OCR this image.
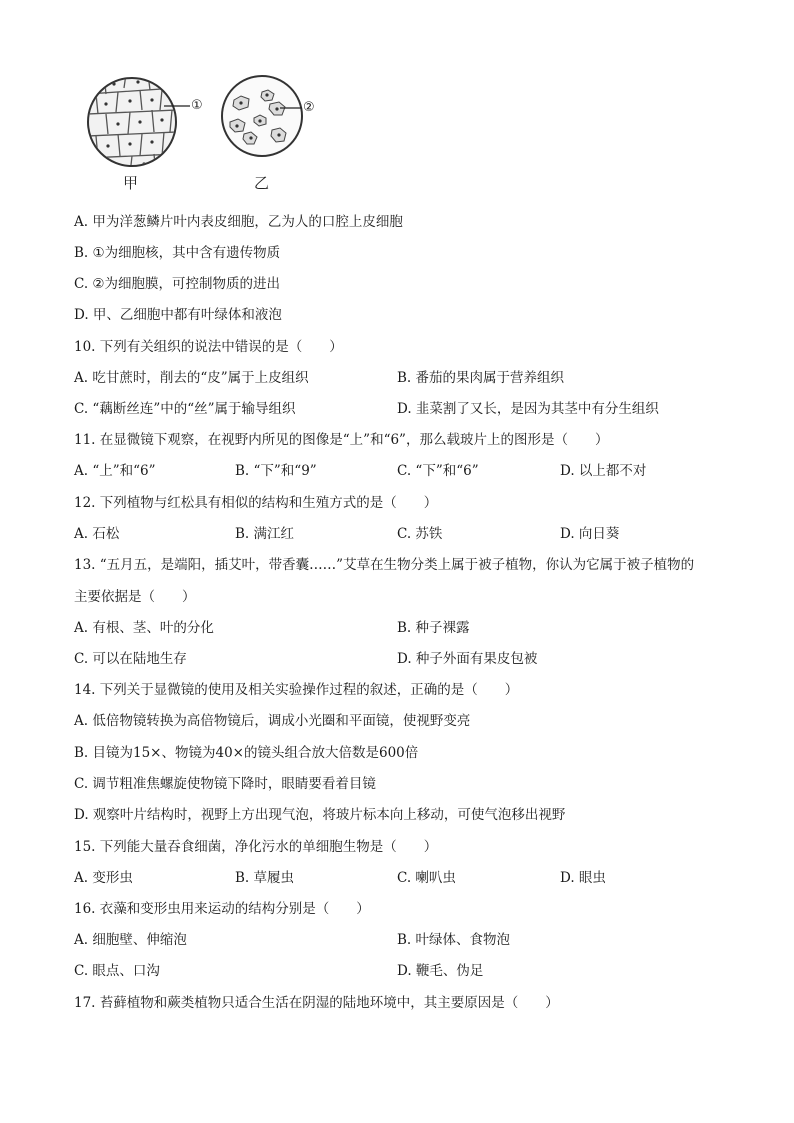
①	②
甲	乙
A. 甲为洋葱鳞片叶内表皮细胞，乙为人的口腔上皮细胞
B. ①为细胞核，其中含有遗传物质
C. ②为细胞膜，可控制物质的进出
D. 甲、乙细胞中都有叶绿体和液泡
10. 下列有关组织的说法中错误的是（　　）
A. 吃甘蔗时，削去的“皮”属于上皮组织	B. 番茄的果肉属于营养组织
C. “藕断丝连”中的“丝”属于输导组织	D. 韭菜割了又长，是因为其茎中有分生组织
11. 在显微镜下观察，在视野内所见的图像是“上”和“6”，那么载玻片上的图形是（　　）
A. “上”和“6”	B. “下”和“9”	C. “下”和“6”	D. 以上都不对
12. 下列植物与红松具有相似的结构和生殖方式的是（　　）
A. 石松	B. 满江红	C. 苏铁	D. 向日葵
13. “五月五，是端阳，插艾叶，带香囊……”艾草在生物分类上属于被子植物，你认为它属于被子植物的
主要依据是（　　）
A. 有根、茎、叶的分化	B. 种子裸露
C. 可以在陆地生存	D. 种子外面有果皮包被
14. 下列关于显微镜的使用及相关实验操作过程的叙述，正确的是（　　）
A. 低倍物镜转换为高倍物镜后，调成小光圈和平面镜，使视野变亮
B. 目镜为15×、物镜为40×的镜头组合放大倍数是600倍
C. 调节粗准焦螺旋使物镜下降时，眼睛要看着目镜
D. 观察叶片结构时，视野上方出现气泡，将玻片标本向上移动，可使气泡移出视野
15. 下列能大量吞食细菌，净化污水的单细胞生物是（　　）
A. 变形虫	B. 草履虫	C. 喇叭虫	D. 眼虫
16. 衣藻和变形虫用来运动的结构分别是（　　）
A. 细胞壁、伸缩泡	B. 叶绿体、食物泡
C. 眼点、口沟	D. 鞭毛、伪足
17. 苔藓植物和蕨类植物只适合生活在阴湿的陆地环境中，其主要原因是（　　）
